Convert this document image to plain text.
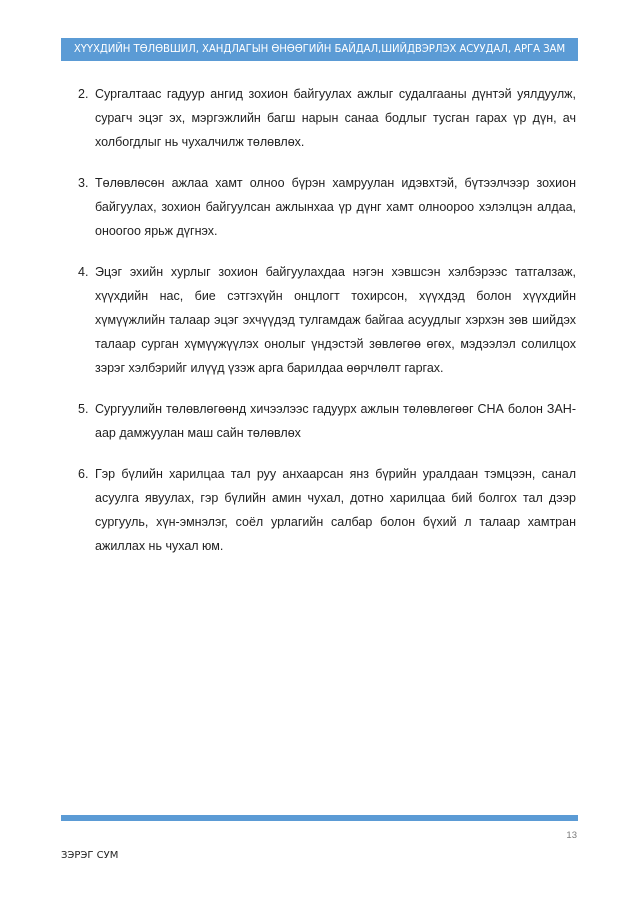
ХҮҮХДИЙН ТӨЛӨВШИЛ, ХАНДЛАГЫН ӨНӨӨГИЙН БАЙДАЛ,ШИЙДВЭРЛЭХ АСУУДАЛ, АРГА ЗАМ
2. Сургалтаас гадуур ангид зохион байгуулах ажлыг судалгааны дүнтэй уялдуулж, сурагч эцэг эх, мэргэжлийн багш нарын санаа бодлыг тусган гарах үр дүн, ач холбогдлыг нь чухалчилж төлөвлөх.
3. Төлөвлөсөн ажлаа хамт олноо бүрэн хамруулан идэвхтэй, бүтээлчээр зохион байгуулах, зохион байгуулсан ажлынхаа үр дүнг хамт олноороо хэлэлцэн алдаа, оноогоо ярьж дүгнэх.
4. Эцэг эхийн хурлыг зохион байгуулахдаа нэгэн хэвшсэн хэлбэрээс татгалзаж, хүүхдийн нас, бие сэтгэхүйн онцлогт тохирсон, хүүхдэд болон хүүхдийн хүмүүжлийн талаар эцэг эхчүүдэд тулгамдаж байгаа асуудлыг хэрхэн зөв шийдэх талаар сурган хүмүүжүүлэх онолыг үндэстэй зөвлөгөө өгөх, мэдээлэл солилцох зэрэг хэлбэрийг илүүд үзэж арга барилдаа өөрчлөлт гаргах.
5. Сургуулийн төлөвлөгөөнд хичээлээс гадуурх ажлын төлөвлөгөөг СНА болон ЗАН-аар дамжуулан маш сайн төлөвлөх
6. Гэр бүлийн харилцаа тал руу анхаарсан янз бүрийн уралдаан тэмцээн, санал асуулга явуулах, гэр бүлийн амин чухал, дотно харилцаа бий болгох тал дээр сургууль, хүн-эмнэлэг, соёл урлагийн салбар болон бүхий л талаар хамтран ажиллах нь чухал юм.
13
ЗЭРЭГ СУМ
